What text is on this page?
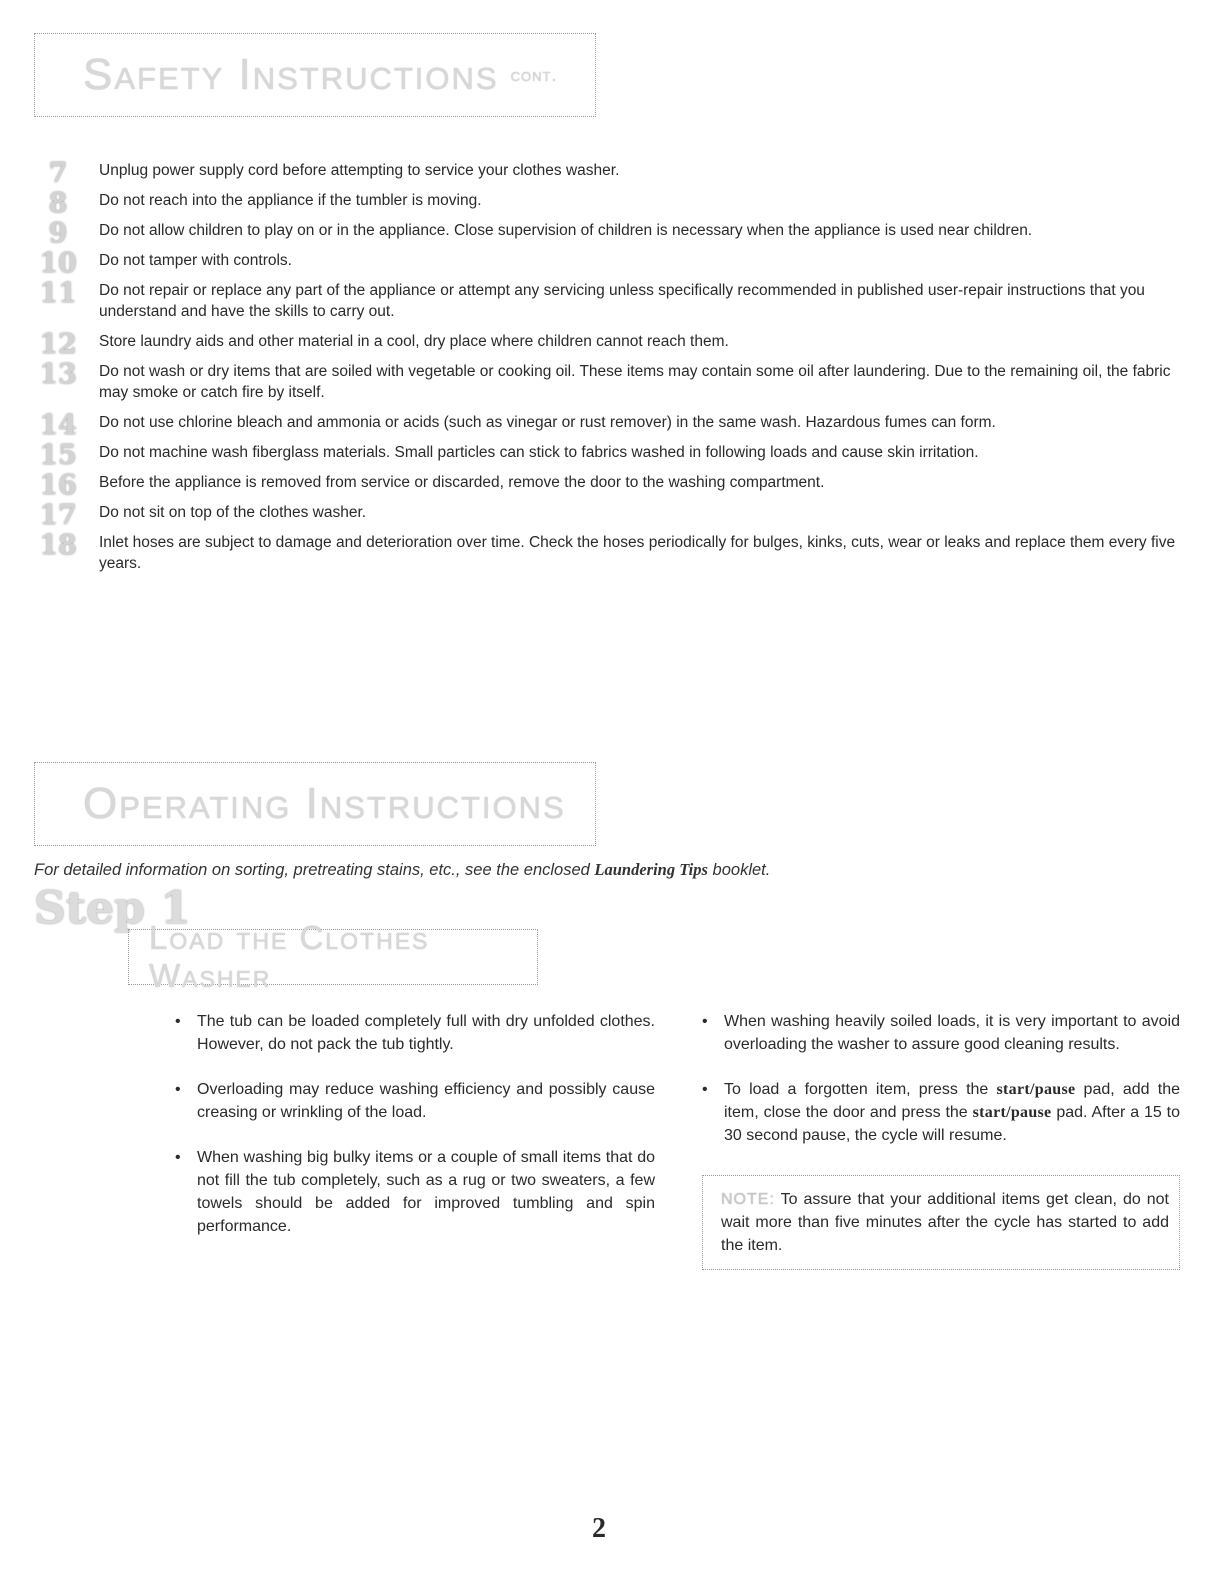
Safety Instructions cont.
7	Unplug power supply cord before attempting to service your clothes washer.
8	Do not reach into the appliance if the tumbler is moving.
9	Do not allow children to play on or in the appliance. Close supervision of children is necessary when the appliance is used near children.
10 Do not tamper with controls.
11 Do not repair or replace any part of the appliance or attempt any servicing unless specifically recommended in published user-repair instructions that you understand and have the skills to carry out.
12 Store laundry aids and other material in a cool, dry place where children cannot reach them.
13 Do not wash or dry items that are soiled with vegetable or cooking oil. These items may contain some oil after laundering. Due to the remaining oil, the fabric may smoke or catch fire by itself.
14 Do not use chlorine bleach and ammonia or acids (such as vinegar or rust remover) in the same wash. Hazardous fumes can form.
15 Do not machine wash fiberglass materials. Small particles can stick to fabrics washed in following loads and cause skin irritation.
16 Before the appliance is removed from service or discarded, remove the door to the washing compartment.
17 Do not sit on top of the clothes washer.
18 Inlet hoses are subject to damage and deterioration over time. Check the hoses periodically for bulges, kinks, cuts, wear or leaks and replace them every five years.
Operating Instructions
For detailed information on sorting, pretreating stains, etc., see the enclosed Laundering Tips booklet.
Step 1
Load the Clothes Washer
• The tub can be loaded completely full with dry unfolded clothes. However, do not pack the tub tightly.
• Overloading may reduce washing efficiency and possibly cause creasing or wrinkling of the load.
• When washing big bulky items or a couple of small items that do not fill the tub completely, such as a rug or two sweaters, a few towels should be added for improved tumbling and spin performance.
• When washing heavily soiled loads, it is very important to avoid overloading the washer to assure good cleaning results.
• To load a forgotten item, press the start/pause pad, add the item, close the door and press the start/pause pad. After a 15 to 30 second pause, the cycle will resume.
NOTE: To assure that your additional items get clean, do not wait more than five minutes after the cycle has started to add the item.
2
